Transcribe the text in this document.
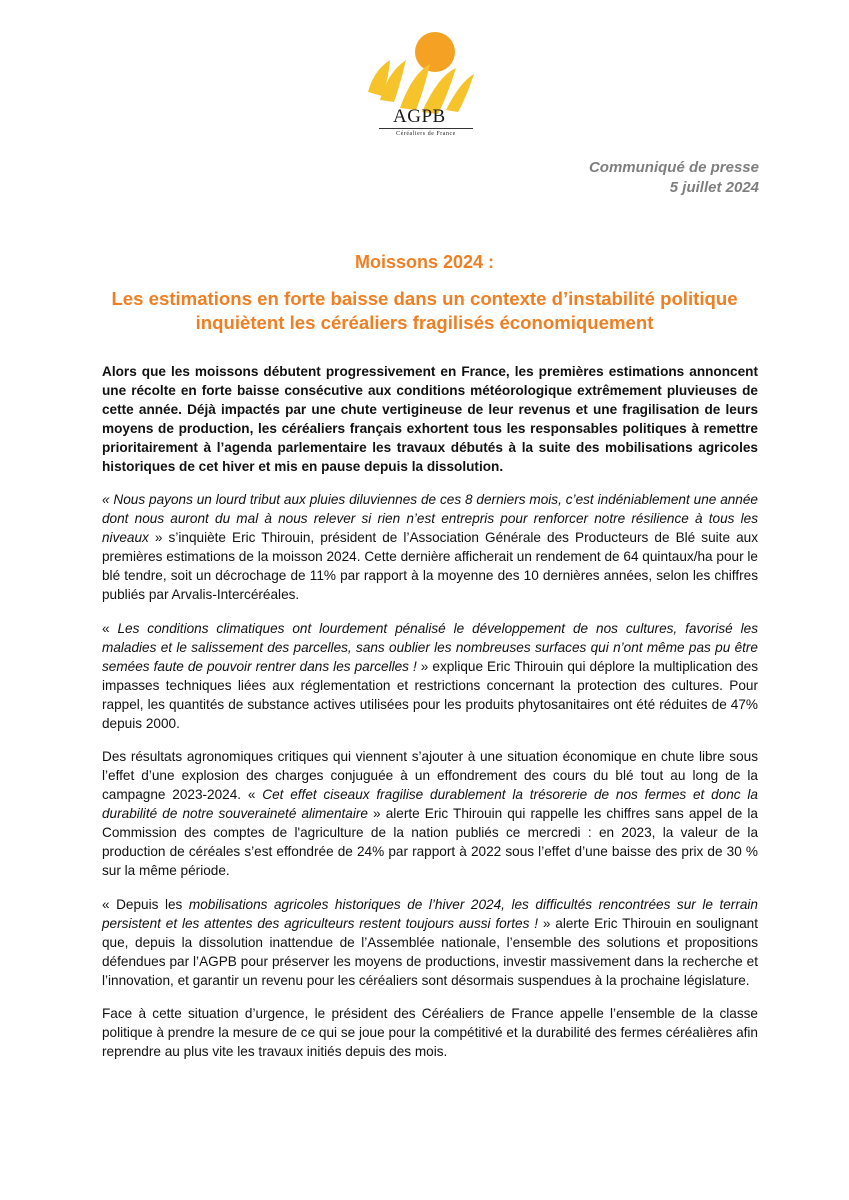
AGPB
Céréaliers de France
Communiqué de presse
5 juillet 2024
Moissons 2024 :
Les estimations en forte baisse dans un contexte d’instabilité politique inquiètent les céréaliers fragilisés économiquement

Alors que les moissons débutent progressivement en France, les premières estimations annoncent une récolte en forte baisse consécutive aux conditions météorologique extrêmement pluvieuses de cette année. Déjà impactés par une chute vertigineuse de leur revenus et une fragilisation de leurs moyens de production, les céréaliers français exhortent tous les responsables politiques à remettre prioritairement à l’agenda parlementaire les travaux débutés à la suite des mobilisations agricoles historiques de cet hiver et mis en pause depuis la dissolution.

« Nous payons un lourd tribut aux pluies diluviennes de ces 8 derniers mois, c’est indéniablement une année dont nous auront du mal à nous relever si rien n’est entrepris pour renforcer notre résilience à tous les niveaux » s’inquiète Eric Thirouin, président de l’Association Générale des Producteurs de Blé suite aux premières estimations de la moisson 2024. Cette dernière afficherait un rendement de 64 quintaux/ha pour le blé tendre, soit un décrochage de 11% par rapport à la moyenne des 10 dernières années, selon les chiffres publiés par Arvalis-Intercéréales.

« Les conditions climatiques ont lourdement pénalisé le développement de nos cultures, favorisé les maladies et le salissement des parcelles, sans oublier les nombreuses surfaces qui n’ont même pas pu être semées faute de pouvoir rentrer dans les parcelles ! » explique Eric Thirouin qui déplore la multiplication des impasses techniques liées aux réglementation et restrictions concernant la protection des cultures. Pour rappel, les quantités de substance actives utilisées pour les produits phytosanitaires ont été réduites de 47% depuis 2000.

Des résultats agronomiques critiques qui viennent s’ajouter à une situation économique en chute libre sous l’effet d’une explosion des charges conjuguée à un effondrement des cours du blé tout au long de la campagne 2023-2024. « Cet effet ciseaux fragilise durablement la trésorerie de nos fermes et donc la durabilité de notre souveraineté alimentaire » alerte Eric Thirouin qui rappelle les chiffres sans appel de la Commission des comptes de l'agriculture de la nation publiés ce mercredi : en 2023, la valeur de la production de céréales s’est effondrée de 24% par rapport à 2022 sous l’effet d’une baisse des prix de 30 % sur la même période.

« Depuis les mobilisations agricoles historiques de l’hiver 2024, les difficultés rencontrées sur le terrain persistent et les attentes des agriculteurs restent toujours aussi fortes ! » alerte Eric Thirouin en soulignant que, depuis la dissolution inattendue de l’Assemblée nationale, l’ensemble des solutions et propositions défendues par l’AGPB pour préserver les moyens de productions, investir massivement dans la recherche et l’innovation, et garantir un revenu pour les céréaliers sont désormais suspendues à la prochaine législature.

Face à cette situation d’urgence, le président des Céréaliers de France appelle l’ensemble de la classe politique à prendre la mesure de ce qui se joue pour la compétitivé et la durabilité des fermes céréalières afin reprendre au plus vite les travaux initiés depuis des mois.
